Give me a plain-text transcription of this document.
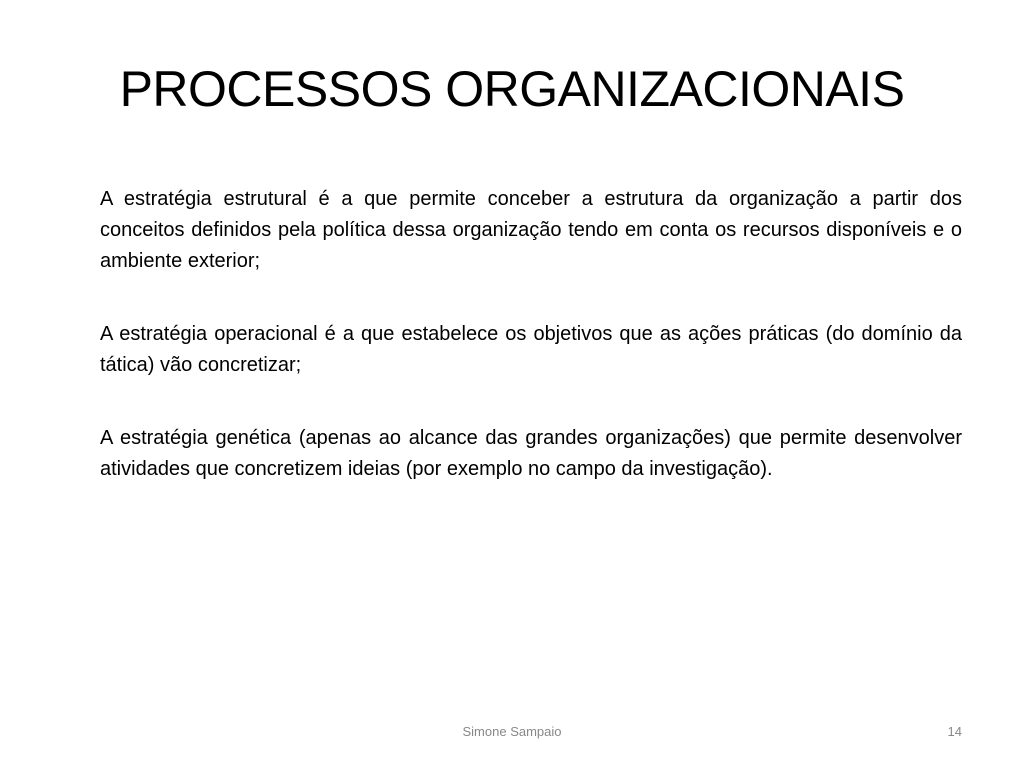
PROCESSOS ORGANIZACIONAIS

A estratégia estrutural é a que permite conceber a estrutura da organização a partir dos conceitos definidos pela política dessa organização tendo em conta os recursos disponíveis e o ambiente exterior;

A estratégia operacional é a que estabelece os objetivos que as ações práticas (do domínio da tática) vão concretizar;

A estratégia genética (apenas ao alcance das grandes organizações) que permite desenvolver atividades que concretizem ideias (por exemplo no campo da investigação).

Simone Sampaio	14
